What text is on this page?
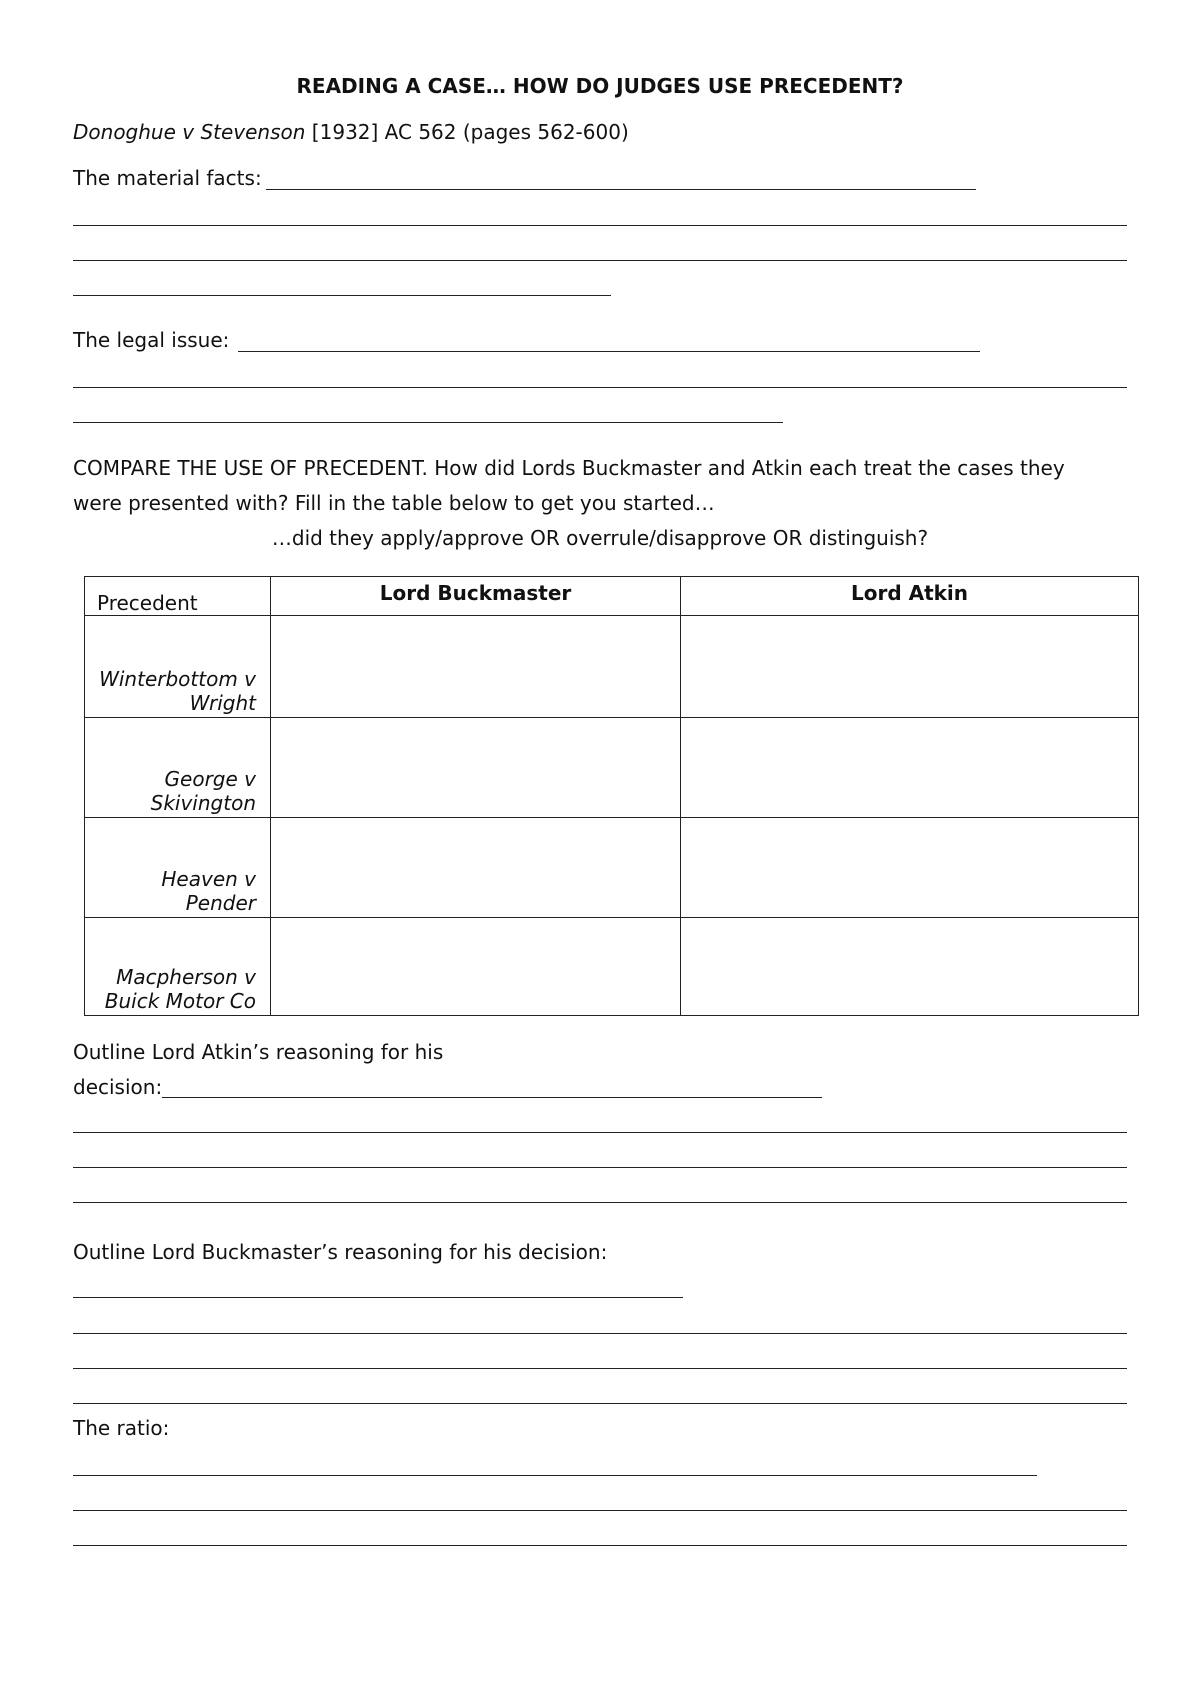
READING A CASE… HOW DO JUDGES USE PRECEDENT?
Donoghue v Stevenson [1932] AC 562 (pages 562-600)
The material facts:
The legal issue:
COMPARE THE USE OF PRECEDENT. How did Lords Buckmaster and Atkin each treat the cases they
were presented with? Fill in the table below to get you started…
…did they apply/approve OR overrule/disapprove OR distinguish?
Precedent	Lord Buckmaster	Lord Atkin

Winterbottom v
Wright		

George v
Skivington		

Heaven v
Pender		

Macpherson v
Buick Motor Co		

Outline Lord Atkin’s reasoning for his
decision:
Outline Lord Buckmaster’s reasoning for his decision:
The ratio:
